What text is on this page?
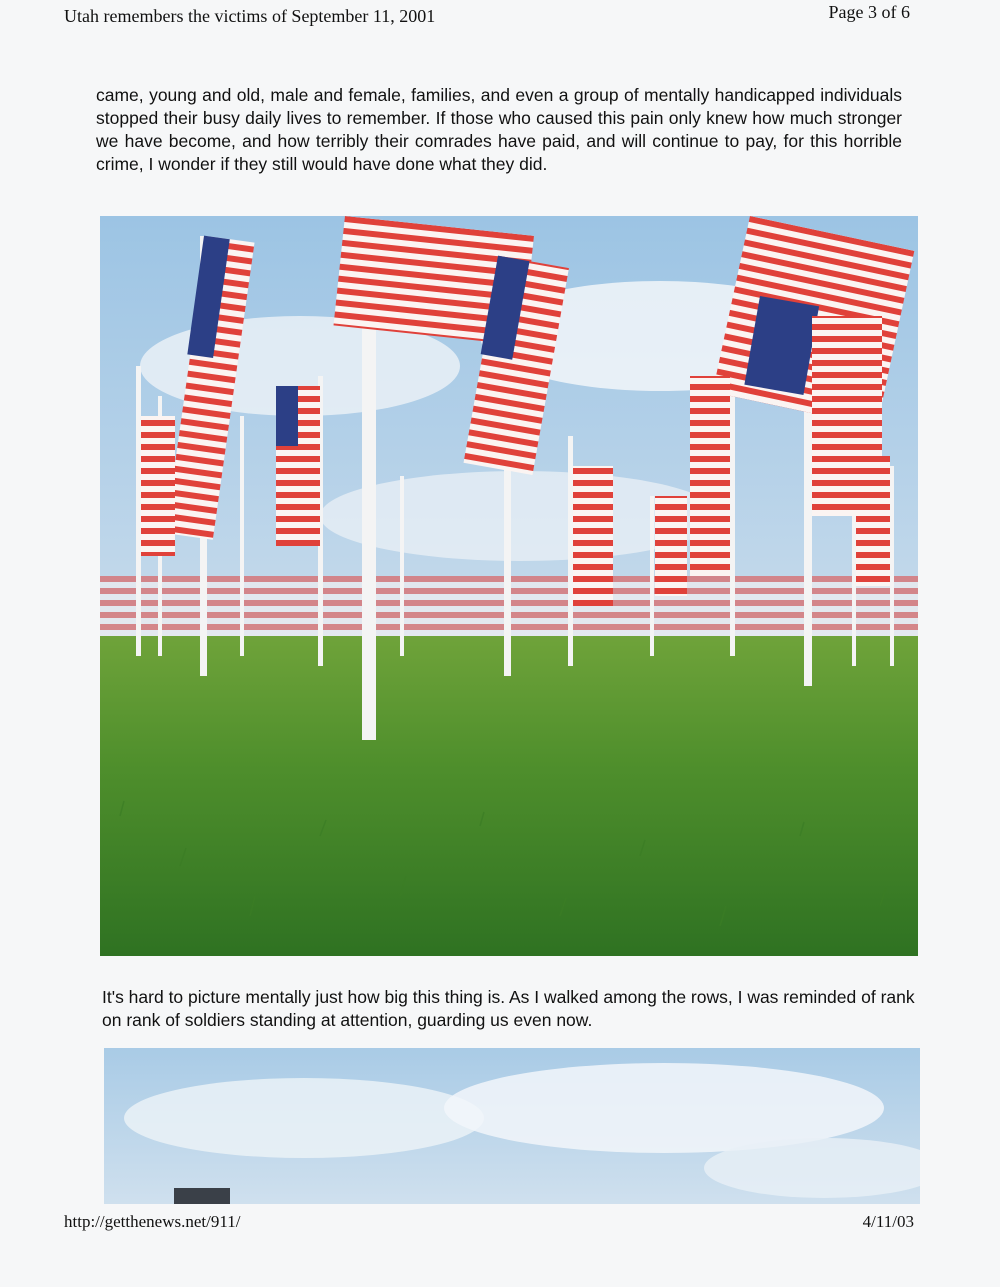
Utah remembers the victims of September 11, 2001	Page 3 of 6
came, young and old, male and female, families, and even a group of mentally handicapped individuals stopped their busy daily lives to remember. If those who caused this pain only knew how much stronger we have become, and how terribly their comrades have paid, and will continue to pay, for this horrible crime, I wonder if they still would have done what they did.
It's hard to picture mentally just how big this thing is. As I walked among the rows, I was reminded of rank on rank of soldiers standing at attention, guarding us even now.
http://getthenews.net/911/	4/11/03
